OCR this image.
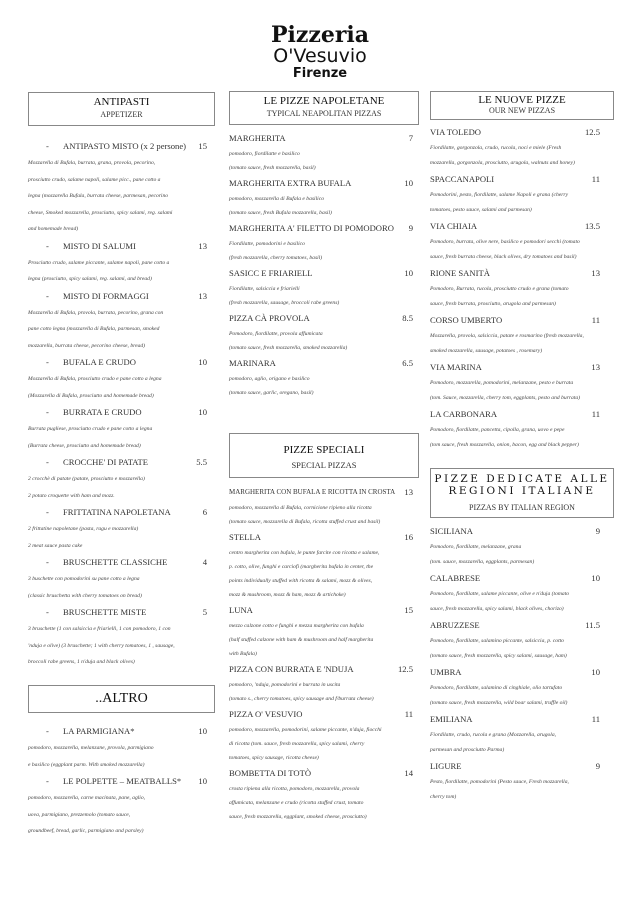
Pizzeria
O'Vesuvio
Firenze
ANTIPASTI
APPETIZER
- ANTIPASTO MISTO (x 2 persone) 15
Mozzarella di Bufala, burrata, grana, provola, pecorino,
prosciutto crudo, salame napoli, salame picc., pane cotto a
legna (mozzarella Bufala, burrata cheese, parmesan, pecorino
cheese, Smoked mozzarella, prosciutto, spicy salami, reg. salami
and homemade bread)
- MISTO DI SALUMI	13
Prosciutto crudo, salame piccante, salame napoli, pane cotto a
legna (prosciutto, spicy salami, reg. salami, and bread)
- MISTO DI FORMAGGI	13
Mozzarella di Bufala, provola, burrata, pecorino, grana con
pane cotto legna (mozzarella di Bufala, parmesan, smoked
mozzarella, burrata cheese, pecorino cheese, bread)
- BUFALA E CRUDO	10
Mozzarella di Bufala, prosciutto crudo e pane cotto a legna
(Mozzarella di Bufala, prosciutto and homemade bread)
- BURRATA E CRUDO	10
Burrata pugliese, prosciutto crudo e pane cotto a legna
(Burrata cheese, prosciutto and homemade bread)
- CROCCHE' DI PATATE	5.5
2 crocchè di patate (patate, prosciutto e mozzarella)
2 potato croquette with ham and mozz.
- FRITTATINA NAPOLETANA	6
2 frittatine napoletane (pasta, ragu e mozzarella)
2 meat sauce pasta cake
- BRUSCHETTE CLASSICHE	4
3 buschette con pomodorini su pane cotto a legna
(classic bruschetta with cherry tomatoes on bread)
- BRUSCHETTE MISTE	5
3 bruschette (1 con salsiccia e friarielli, 1 con pomodoro, 1 con
'nduja e olive) (3 bruschette; 1 with cherry tomatoes, 1 , sausage,
broccoli rabe greens, 1 n'duja and black olives)
..ALTRO
- LA PARMIGIANA*	10
pomodoro, mozzarella, melanzane, provola, parmigiano
e basilico (eggplant parm. With smoked mozzarella)
- LE POLPETTE – MEATBALLS* 10
pomodoro, mozzarella, carne macinata, pane, aglio,
uova, parmigiano, prezzemolo (tomato sauce,
groundbeef, bread, garlic, parmigiano and parsley)
LE PIZZE NAPOLETANE
TYPICAL NEAPOLITAN PIZZAS
MARGHERITA	7
pomodoro, fiordilatte e basilico
(tomato sauce, fresh mozzarella, basil)
MARGHERITA EXTRA BUFALA	10
pomodoro, mozzarella di Bufala e basilico
(tomato sauce, fresh Bufala mozzarella, basil)
MARGHERITA A' FILETTO DI POMODORO 9
Fiordilatte, pomodorini e basilico
(fresh mozzarella, cherry tomatoes, basil)
SASICC E FRIARIELL	10
Fiordilatte, salsiccia e friarielli
(fresh mozzarella, sausage, broccoli rabe greens)
PIZZA CÀ PROVOLA	8.5
Pomodoro, fiordilatte, provola affumicata
(tomato sauce, fresh mozzarella, smoked mozzarella)
MARINARA	6.5
pomodoro, aglio, origano e basilico
(tomato sauce, garlic, oregano, basil)
PIZZE SPECIALI
SPECIAL PIZZAS
MARGHERITA CON BUFALA E RICOTTA IN CROSTA 13
pomodoro, mozzarella di Bufala, cornicione ripieno alla ricotta
(tomato sauce, mozzarella di Bufala, ricotta stuffed crust and basil)
STELLA	16
centro margherita con bufala, le punte farcite con ricotta e salame,
p. cotto, olive, funghi e carciofi (margherita bufala in center, the
points individually stuffed with ricotta & salami, mozz & olives,
mozz & mushroom, mozz & ham, mozz & artichoke)
LUNA	15
mezzo calzone cotto e funghi e mezza margherita con bufala
(half stuffed calzone with ham & mushroom and half margherita
with Bufala)
PIZZA CON BURRATA E 'NDUJA	12.5
pomodoro, 'nduja, pomodorini e burrata in uscita
(tomato s., cherry tomatoes, spicy sausage and f/burrata cheese)
PIZZA O' VESUVIO	11
pomodoro, mozzarella, pomodorini, salame piccante, n'duja, fiocchi
di ricotta (tom. sauce, fresh mozzarella, spicy salami, cherry
tomatoes, spicy sausage, ricotta cheese)
BOMBETTA DI TOTÒ	14
crosta ripiena alla ricotta, pomodoro, mozzarella, provola
affumicata, melanzane e crudo (ricotta stuffed crust, tomato
sauce, fresh mozzarella, eggplant, smoked cheese, prosciutto)
LE NUOVE PIZZE
OUR NEW PIZZAS
VIA TOLEDO	12.5
Fiordilatte, gorgonzola, crudo, rucola, noci e miele (Fresh
mozzarella, gorgonzola, prosciutto, arugola, walnuts and honey)
SPACCANAPOLI	11
Pomodorini, pesto, fiordilatte, salame Napoli e grana (cherry
tomatoes, pesto sauce, salami and parmesan)
VIA CHIAIA	13.5
Pomodoro, burrata, olive nere, basilico e pomodori secchi (tomato
sauce, fresh burrata cheese, black olives, dry tomatoes and basil)
RIONE SANITÀ	13
Pomodoro, Burrata, rucola, prosciutto crudo e grana (tomato
sauce, fresh burrata, prosciutto, arugola and parmesan)
CORSO UMBERTO	11
Mozzarella, provola, salsiccia, patate e rosmarino (fresh mozzarella,
smoked mozzarella, sausage, potatoes , rosemary)
VIA MARINA	13
Pomodoro, mozzarella, pomodorini, melanzane, pesto e burrata
(tom. Sauce, mozzarella, cherry tom, eggplants, pesto and burrata)
LA CARBONARA	11
Pomodoro, fiordilatte, pancetta, cipolla, grana, uovo e pepe
(tom sauce, fresh mozzarella, onion, bacon, egg and black pepper)
PIZZE DEDICATE ALLE REGIONI ITALIANE
PIZZAS BY ITALIAN REGION
SICILIANA	9
Pomodoro, fiordilatte, melanzane, grana
(tom. sauce, mozzarella, eggplants, parmesan)
CALABRESE	10
Pomodoro, fiordilatte, salame piccante, olive e n'duja (tomato
sauce, fresh mozzarella, spicy salami, black olives, chorizo)
ABRUZZESE	11.5
Pomodoro, fiordilatte, salamino piccante, salsiccia, p. cotto
(tomato sauce, fresh mozzarella, spicy salami, sausage, ham)
UMBRA	10
Pomodoro, fiordilatte, salamino di cinghiale, olio tartufato
(tomato sauce, fresh mozzarella, wild boar salami, truffle oil)
EMILIANA	11
Fiordilatte, crudo, rucola e grana (Mozzarella, arugola,
parmesan and prosciutto Parma)
LIGURE	9
Pesto, fiordilatte, pomodorini (Pesto sauce, Fresh mozzarella,
cherry tom)
